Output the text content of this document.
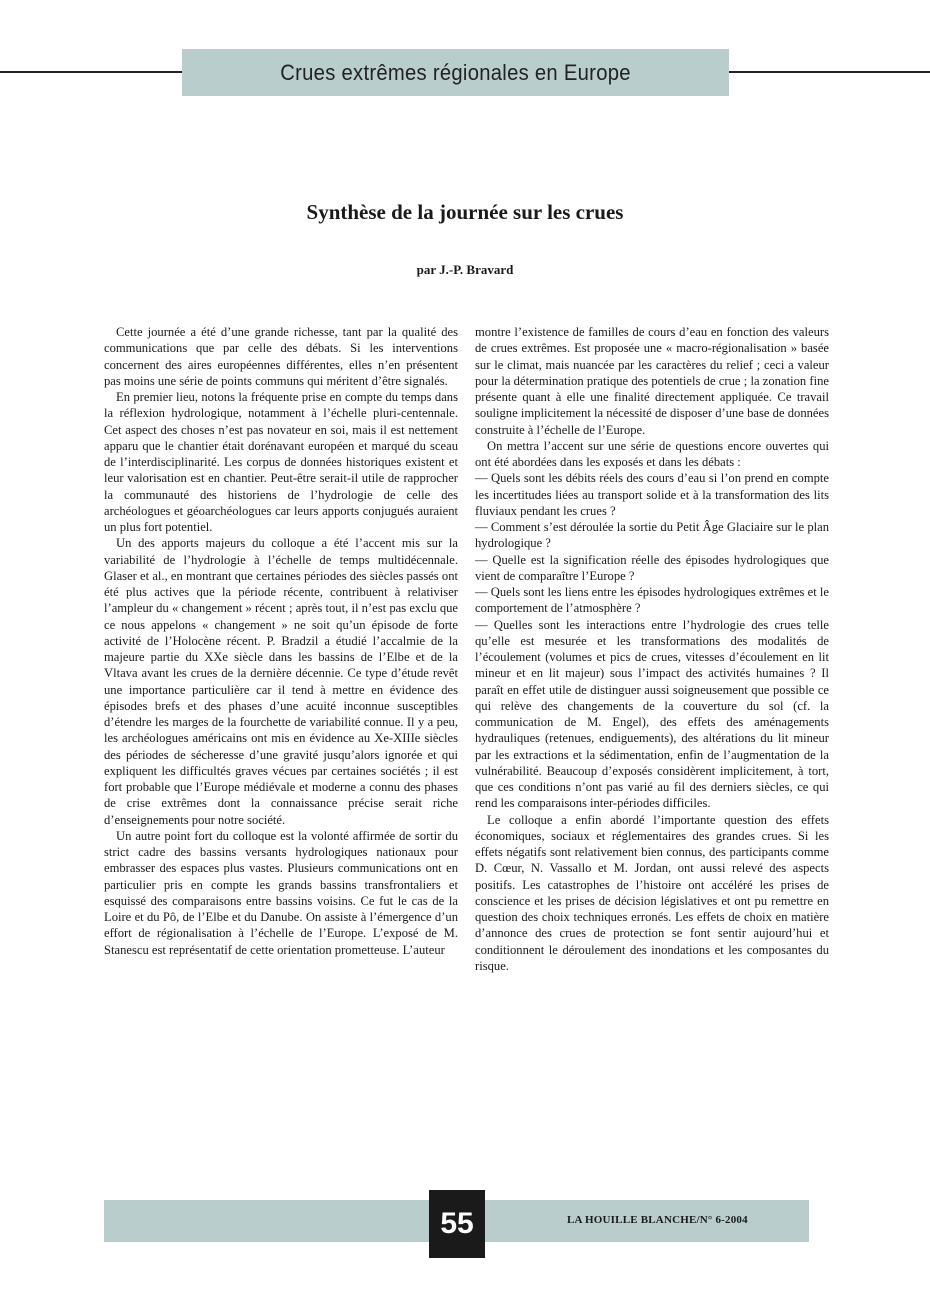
Crues extrêmes régionales en Europe
Synthèse de la journée sur les crues
par J.-P. Bravard

Cette journée a été d’une grande richesse, tant par la qualité des communications que par celle des débats. Si les interventions concernent des aires européennes différentes, elles n’en présentent pas moins une série de points communs qui méritent d’être signalés.

En premier lieu, notons la fréquente prise en compte du temps dans la réflexion hydrologique, notamment à l’échelle pluri-centennale. Cet aspect des choses n’est pas novateur en soi, mais il est nettement apparu que le chantier était dorénavant européen et marqué du sceau de l’interdisciplinarité. Les corpus de données historiques existent et leur valorisation est en chantier. Peut-être serait-il utile de rapprocher la communauté des historiens de l’hydrologie de celle des archéologues et géoarchéologues car leurs apports conjugués auraient un plus fort potentiel.

Un des apports majeurs du colloque a été l’accent mis sur la variabilité de l’hydrologie à l’échelle de temps multidécennale. Glaser et al., en montrant que certaines périodes des siècles passés ont été plus actives que la période récente, contribuent à relativiser l’ampleur du « changement » récent ; après tout, il n’est pas exclu que ce nous appelons « changement » ne soit qu’un épisode de forte activité de l’Holocène récent. P. Bradzil a étudié l’accalmie de la majeure partie du XXe siècle dans les bassins de l’Elbe et de la Vltava avant les crues de la dernière décennie. Ce type d’étude revêt une importance particulière car il tend à mettre en évidence des épisodes brefs et des phases d’une acuité inconnue susceptibles d’étendre les marges de la fourchette de variabilité connue. Il y a peu, les archéologues américains ont mis en évidence au Xe-XIIIe siècles des périodes de sécheresse d’une gravité jusqu’alors ignorée et qui expliquent les difficultés graves vécues par certaines sociétés ; il est fort probable que l’Europe médiévale et moderne a connu des phases de crise extrêmes dont la connaissance précise serait riche d’enseignements pour notre société.

Un autre point fort du colloque est la volonté affirmée de sortir du strict cadre des bassins versants hydrologiques nationaux pour embrasser des espaces plus vastes. Plusieurs communications ont en particulier pris en compte les grands bassins transfrontaliers et esquissé des comparaisons entre bassins voisins. Ce fut le cas de la Loire et du Pô, de l’Elbe et du Danube. On assiste à l’émergence d’un effort de régionalisation à l’échelle de l’Europe. L’exposé de M. Stanescu est représentatif de cette orientation prometteuse. L’auteur

montre l’existence de familles de cours d’eau en fonction des valeurs de crues extrêmes. Est proposée une « macro-régionalisation » basée sur le climat, mais nuancée par les caractères du relief ; ceci a valeur pour la détermination pratique des potentiels de crue ; la zonation fine présente quant à elle une finalité directement appliquée. Ce travail souligne implicitement la nécessité de disposer d’une base de données construite à l’échelle de l’Europe.

On mettra l’accent sur une série de questions encore ouvertes qui ont été abordées dans les exposés et dans les débats :

— Quels sont les débits réels des cours d’eau si l’on prend en compte les incertitudes liées au transport solide et à la transformation des lits fluviaux pendant les crues ?

— Comment s’est déroulée la sortie du Petit Âge Glaciaire sur le plan hydrologique ?

— Quelle est la signification réelle des épisodes hydrologiques que vient de comparaître l’Europe ?

— Quels sont les liens entre les épisodes hydrologiques extrêmes et le comportement de l’atmosphère ?

— Quelles sont les interactions entre l’hydrologie des crues telle qu’elle est mesurée et les transformations des modalités de l’écoulement (volumes et pics de crues, vitesses d’écoulement en lit mineur et en lit majeur) sous l’impact des activités humaines ? Il paraît en effet utile de distinguer aussi soigneusement que possible ce qui relève des changements de la couverture du sol (cf. la communication de M. Engel), des effets des aménagements hydrauliques (retenues, endiguements), des altérations du lit mineur par les extractions et la sédimentation, enfin de l’augmentation de la vulnérabilité. Beaucoup d’exposés considèrent implicitement, à tort, que ces conditions n’ont pas varié au fil des derniers siècles, ce qui rend les comparaisons inter-périodes difficiles.

Le colloque a enfin abordé l’importante question des effets économiques, sociaux et réglementaires des grandes crues. Si les effets négatifs sont relativement bien connus, des participants comme D. Cœur, N. Vassallo et M. Jordan, ont aussi relevé des aspects positifs. Les catastrophes de l’histoire ont accéléré les prises de conscience et les prises de décision législatives et ont pu remettre en question des choix techniques erronés. Les effets de choix en matière d’annonce des crues de protection se font sentir aujourd’hui et conditionnent le déroulement des inondations et les composantes du risque.

55	LA HOUILLE BLANCHE/N° 6-2004
